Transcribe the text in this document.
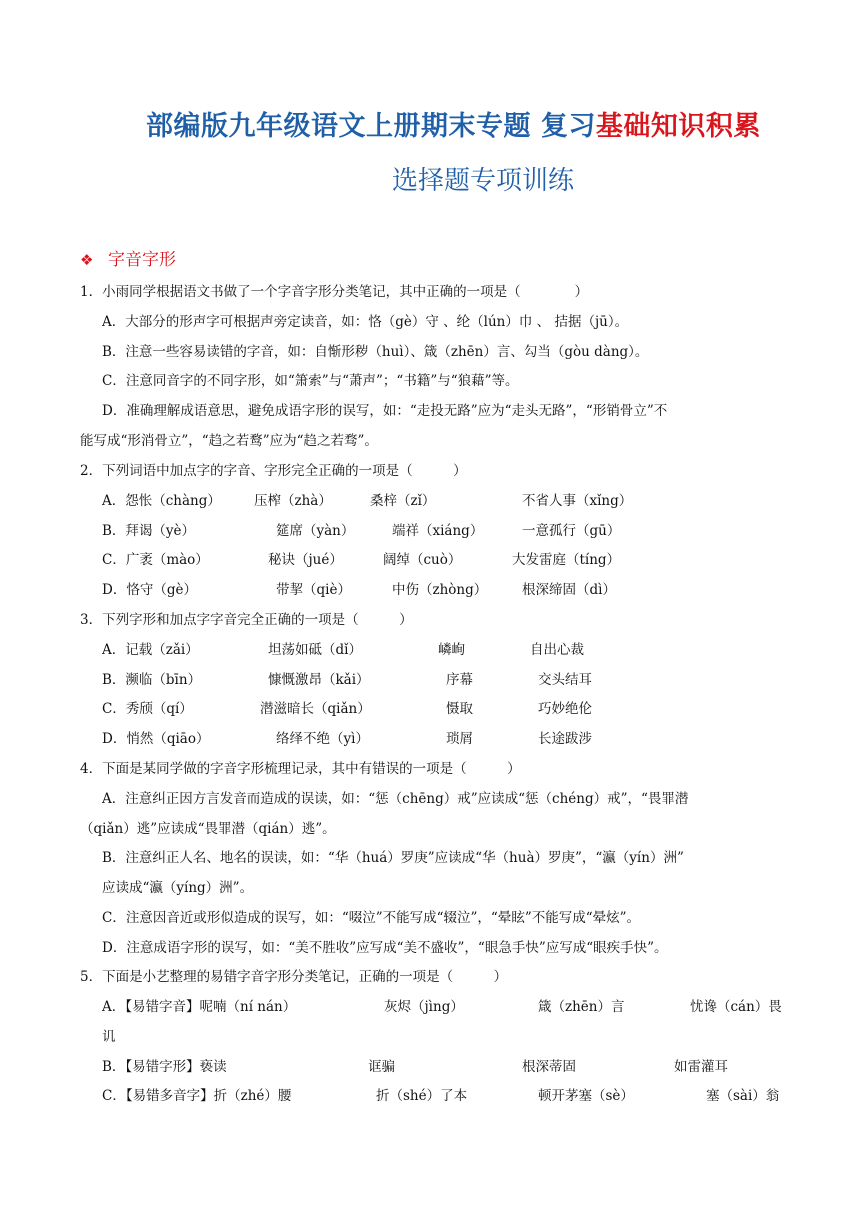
部编版九年级语文上册期末专题 复习基础知识积累
选择题专项训练
❖ 字音字形
1．小雨同学根据语文书做了一个字音字形分类笔记，其中正确的一项是（　　　　）
A．大部分的形声字可根据声旁定读音，如：恪（gè）守 、纶（lún）巾 、 拮据（jū）。
B．注意一些容易读错的字音，如：自惭形秽（huì）、箴（zhēn）言、勾当（gòu dàng）。
C．注意同音字的不同字形，如“箫索”与“萧声”；“书籍”与“狼藉”等。
D．准确理解成语意思，避免成语字形的误写，如：“走投无路”应为“走头无路”，“形销骨立”不
能写成“形消骨立”，“趋之若鹜”应为“趋之若骛”。
2．下列词语中加点字的字音、字形完全正确的一项是（　　　）
A．怨怅（chàng） 压榨（zhà）	桑梓（zǐ）	不省人事（xǐng）
B．拜谒（yè）	筵席（yàn）	端祥（xiáng）	一意孤行（gū）
C．广袤（mào）	秘诀（jué）	阔绰（cuò）	大发雷庭（tíng）
D．恪守（gè）	带挈（qiè）	中伤（zhòng）	根深缔固（dì）
3．下列字形和加点字字音完全正确的一项是（　　　）
A．记载（zǎi）	坦荡如砥（dǐ）	嶙峋	自出心裁
B．濒临（bīn）	慷慨激昂（kǎi）	序幕	交头结耳
C．秀颀（qí）	潜滋暗长（qiǎn）	慑取	巧妙绝伦
D．悄然（qiāo）	络绎不绝（yì）	琐屑	长途跋涉
4．下面是某同学做的字音字形梳理记录，其中有错误的一项是（　　　）
A．注意纠正因方言发音而造成的误读，如：“惩（chēng）戒”应读成“惩（chéng）戒”，“畏罪潜
（qiǎn）逃”应读成“畏罪潜（qián）逃”。
B．注意纠正人名、地名的误读，如：“华（huá）罗庚”应读成“华（huà）罗庚”，“瀛（yín）洲”
应读成“瀛（yíng）洲”。
C．注意因音近或形似造成的误写，如：“啜泣”不能写成“辍泣”，“晕眩”不能写成“晕炫”。
D．注意成语字形的误写，如：“美不胜收”应写成“美不盛收”，“眼急手快”应写成“眼疾手快”。
5．下面是小艺整理的易错字音字形分类笔记，正确的一项是（　　　）
A．【易错字音】呢喃（ní nán）	灰烬（jìng）	箴（zhēn）言	忧谗（cán）畏
讥
B．【易错字形】亵读	诓骗	根深蒂固	如雷灌耳
C．【易错多音字】折（zhé）腰	折（shé）了本	顿开茅塞（sè）	塞（sài）翁
